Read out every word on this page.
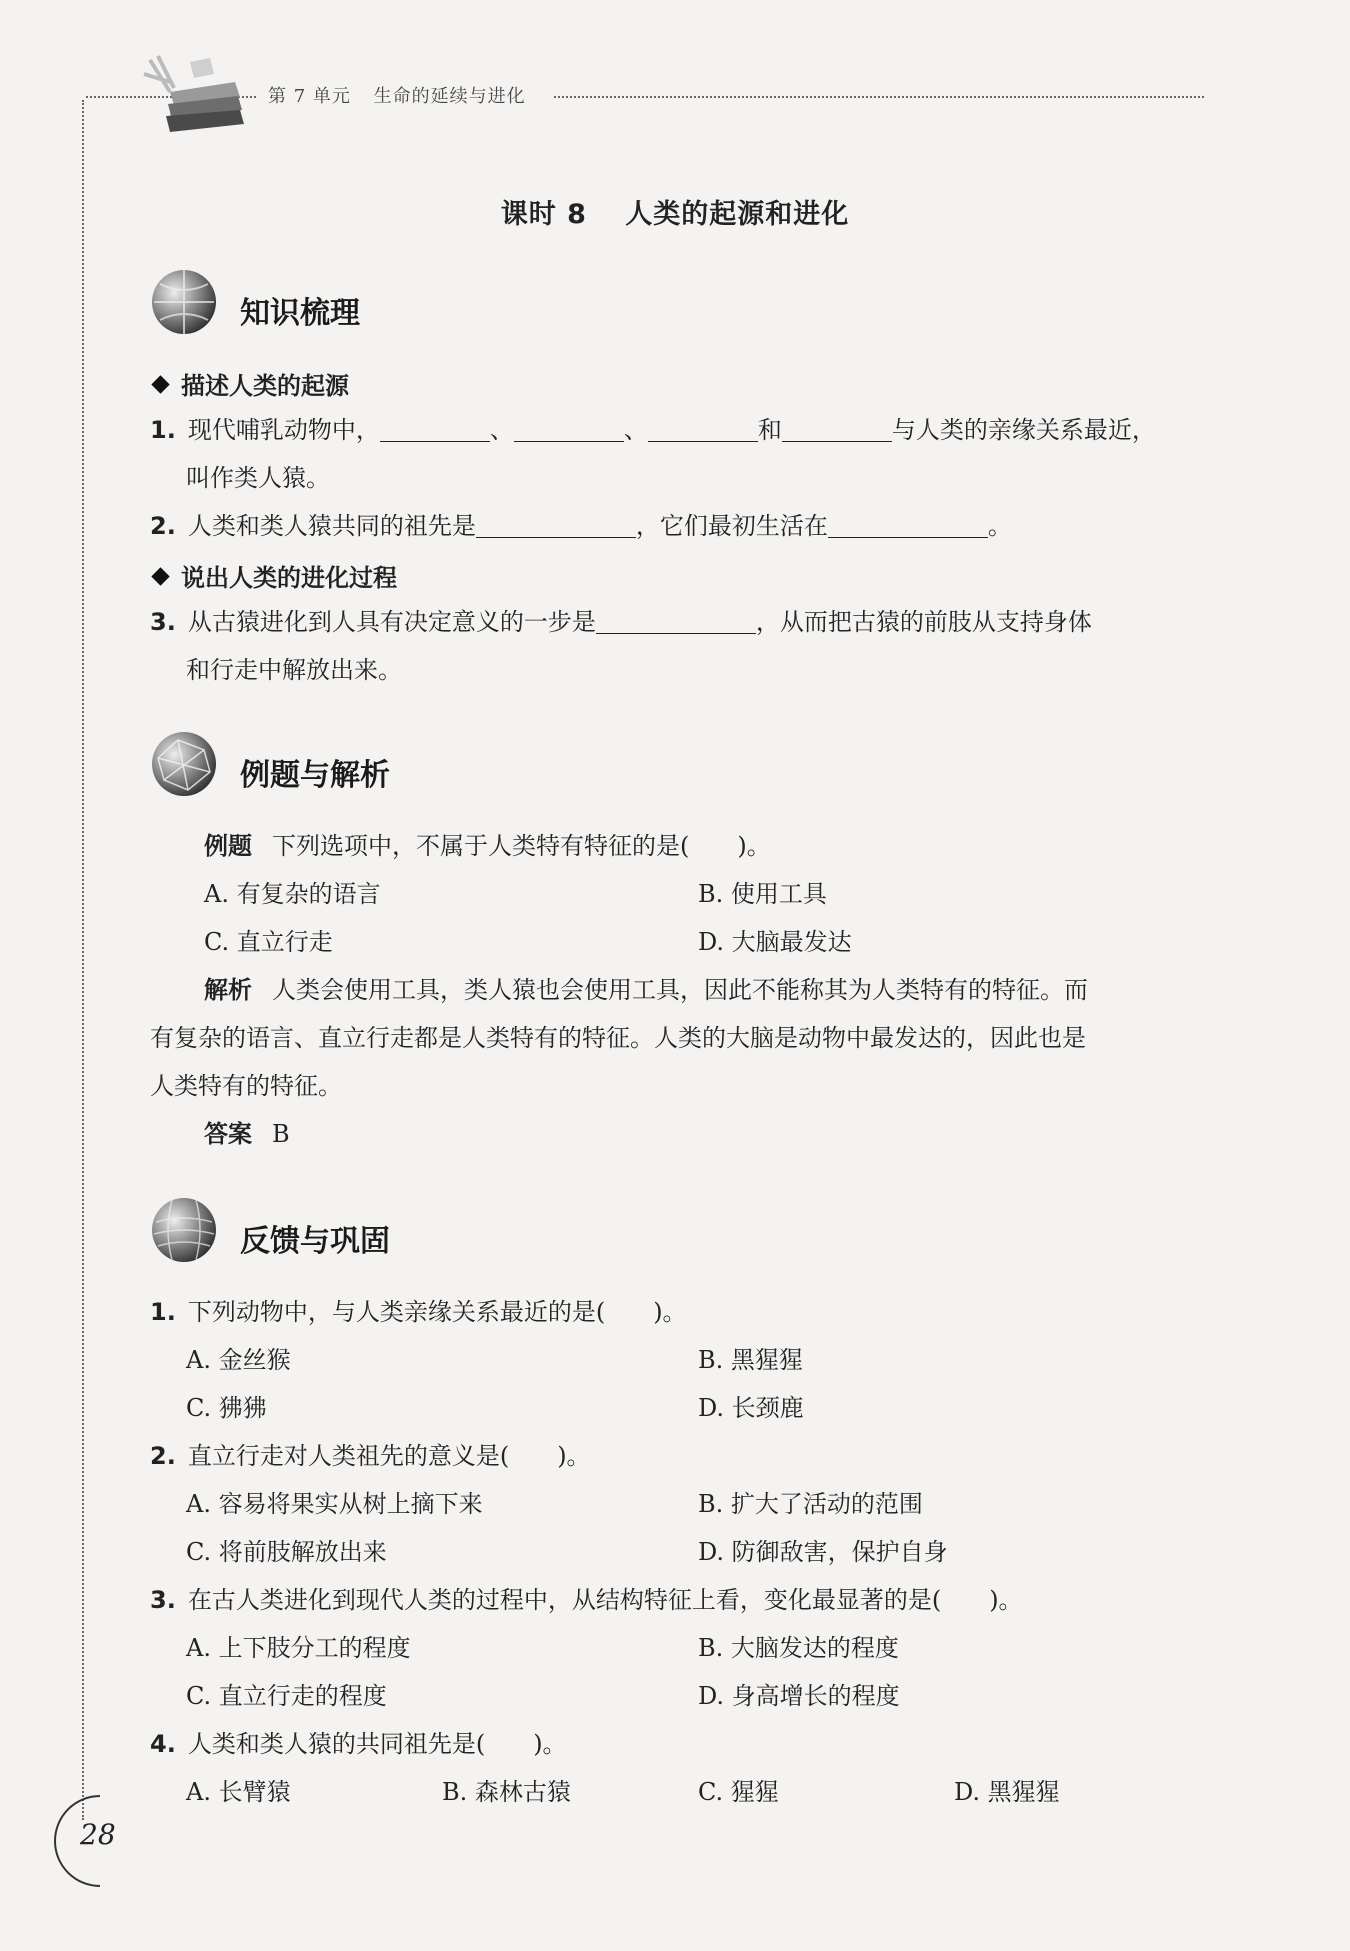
第 7 单元 生命的延续与进化
课时 8 人类的起源和进化
知识梳理
描述人类的起源
1. 现代哺乳动物中，	、	、	和	与人类的亲缘关系最近，
叫作类人猿。
2. 人类和类人猿共同的祖先是	，它们最初生活在	。
说出人类的进化过程
3. 从古猿进化到人具有决定意义的一步是	，从而把古猿的前肢从支持身体
和行走中解放出来。
例题与解析
例题 下列选项中，不属于人类特有特征的是(　　)。
A. 有复杂的语言	B. 使用工具
C. 直立行走	D. 大脑最发达
解析 人类会使用工具，类人猿也会使用工具，因此不能称其为人类特有的特征。而
有复杂的语言、直立行走都是人类特有的特征。人类的大脑是动物中最发达的，因此也是
人类特有的特征。
答案 B
反馈与巩固
1. 下列动物中，与人类亲缘关系最近的是(　　)。
A. 金丝猴	B. 黑猩猩
C. 狒狒	D. 长颈鹿
2. 直立行走对人类祖先的意义是(　　)。
A. 容易将果实从树上摘下来	B. 扩大了活动的范围
C. 将前肢解放出来	D. 防御敌害，保护自身
3. 在古人类进化到现代人类的过程中，从结构特征上看，变化最显著的是(　　)。
A. 上下肢分工的程度	B. 大脑发达的程度
C. 直立行走的程度	D. 身高增长的程度
4. 人类和类人猿的共同祖先是(　　)。
A. 长臂猿	B. 森林古猿	C. 猩猩	D. 黑猩猩
28
